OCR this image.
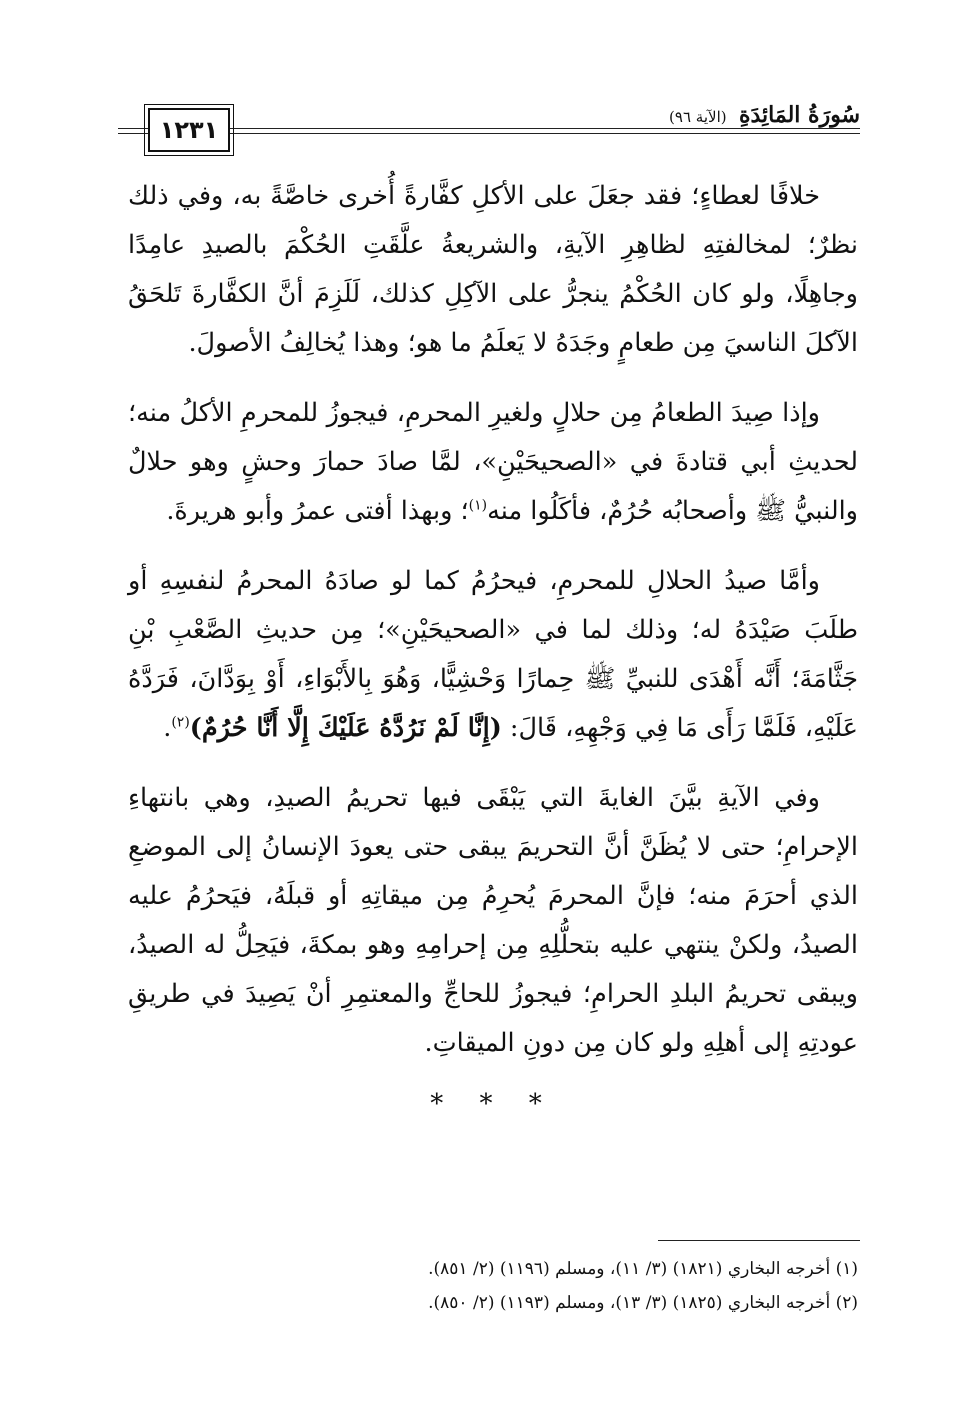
١٢٣١
سُورَةُ المَائِدَةِ (الآية ٩٦)

خلافًا لعطاءٍ؛ فقد جعَلَ على الأكلِ كفَّارةً أُخرى خاصَّةً به، وفي ذلك نظرٌ؛ لمخالفتِهِ لظاهِرِ الآيةِ، والشريعةُ علَّقَتِ الحُكْمَ بالصيدِ عامِدًا وجاهِلًا، ولو كان الحُكْمُ ينجرُّ على الآكِلِ كذلك، لَلَزِمَ أنَّ الكفَّارةَ تَلحَقُ الآكلَ الناسيَ مِن طعامٍ وجَدَهُ لا يَعلَمُ ما هو؛ وهذا يُخالِفُ الأصولَ.

وإذا صِيدَ الطعامُ مِن حلالٍ ولغيرِ المحرمِ، فيجوزُ للمحرمِ الأكلُ منه؛ لحديثِ أبي قتادةَ في «الصحيحَيْنِ»، لمَّا صادَ حمارَ وحشٍ وهو حلالٌ والنبيُّ ﷺ وأصحابُه حُرُمٌ، فأكَلُوا منه$^{(١)}$؛ وبهذا أفتى عمرُ وأبو هريرةَ.

وأمَّا صيدُ الحلالِ للمحرمِ، فيحرُمُ كما لو صادَهُ المحرمُ لنفسِهِ أو طلَبَ صَيْدَهُ له؛ وذلك لما في «الصحيحَيْنِ»؛ مِن حديثِ الصَّعْبِ بْنِ جَثَّامَةَ؛ أَنَّه أَهْدَى للنبيِّ ﷺ حِمارًا وَحْشِيًّا، وَهُوَ بِالأَبْوَاءِ، أَوْ بِوَدَّانَ، فَرَدَّهُ عَلَيْهِ، فَلَمَّا رَأَى مَا فِي وَجْهِهِ، قَالَ: (إِنَّا لَمْ نَرُدَّهُ عَلَيْكَ إِلَّا أَنَّا حُرُمٌ)$^{(٢)}$.

وفي الآيةِ بيَّنَ الغايةَ التي يَبْقَى فيها تحريمُ الصيدِ، وهي بانتهاءِ الإحرامِ؛ حتى لا يُظَنَّ أنَّ التحريمَ يبقى حتى يعودَ الإنسانُ إلى الموضعِ الذي أحرَمَ منه؛ فإنَّ المحرمَ يُحرِمُ مِن ميقاتِهِ أو قبلَهُ، فيَحرُمُ عليه الصيدُ، ولكنْ ينتهي عليه بتحلُّلِهِ مِن إحرامِهِ وهو بمكةَ، فيَحِلُّ له الصيدُ، ويبقى تحريمُ البلدِ الحرامِ؛ فيجوزُ للحاجِّ والمعتمِرِ أنْ يَصِيدَ في طريقِ عودتِهِ إلى أهلِهِ ولو كان مِن دونِ الميقاتِ.

* * *
(١) أخرجه البخاري (١٨٢١) (٣/ ١١)، ومسلم (١١٩٦) (٢/ ٨٥١).
(٢) أخرجه البخاري (١٨٢٥) (٣/ ١٣)، ومسلم (١١٩٣) (٢/ ٨٥٠).
